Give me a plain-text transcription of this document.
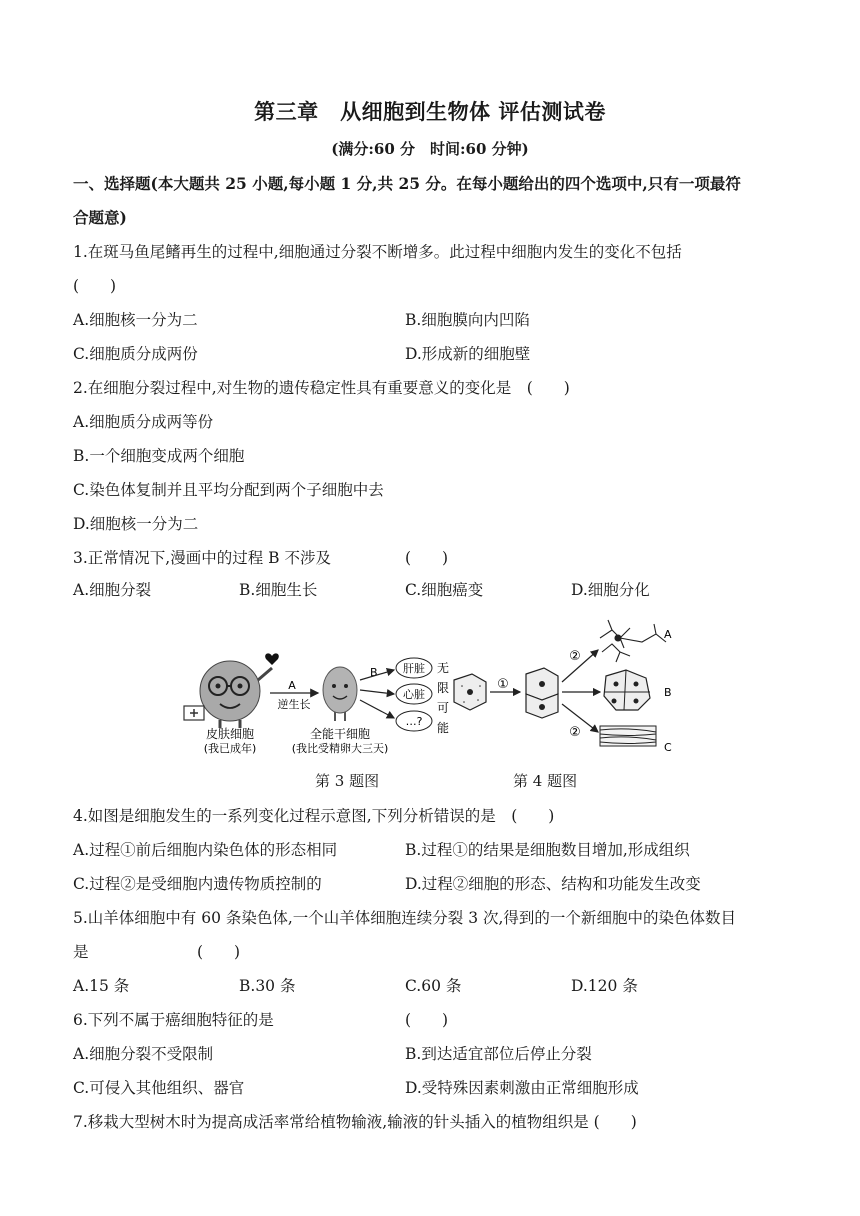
第三章　从细胞到生物体 评估测试卷
(满分:60 分　时间:60 分钟)
一、选择题(本大题共 25 小题,每小题 1 分,共 25 分。在每小题给出的四个选项中,只有一项最符
合题意)
1.在斑马鱼尾鳍再生的过程中,细胞通过分裂不断增多。此过程中细胞内发生的变化不包括
(　　)
A.细胞核一分为二	B.细胞膜向内凹陷
C.细胞质分成两份	D.形成新的细胞壁
2.在细胞分裂过程中,对生物的遗传稳定性具有重要意义的变化是　(　　)
A.细胞质分成两等份
B.一个细胞变成两个细胞
C.染色体复制并且平均分配到两个子细胞中去
D.细胞核一分为二
3.正常情况下,漫画中的过程 B 不涉及	(　　)
A.细胞分裂	B.细胞生长	C.细胞癌变	D.细胞分化
皮肤细胞
(我已成年)
A
逆生长
全能干细胞
(我比受精卵大三天)
B 肝脏
心脏
…?
无
限
可
能
①
②
②
A
B
C
第 3 题图	第 4 题图
4.如图是细胞发生的一系列变化过程示意图,下列分析错误的是　(　　)
A.过程①前后细胞内染色体的形态相同	B.过程①的结果是细胞数目增加,形成组织
C.过程②是受细胞内遗传物质控制的	D.过程②细胞的形态、结构和功能发生改变
5.山羊体细胞中有 60 条染色体,一个山羊体细胞连续分裂 3 次,得到的一个新细胞中的染色体数目
是　　　　　　　(　　)
A.15 条	B.30 条	C.60 条	D.120 条
6.下列不属于癌细胞特征的是	(　　)
A.细胞分裂不受限制	B.到达适宜部位后停止分裂
C.可侵入其他组织、器官	D.受特殊因素刺激由正常细胞形成
7.移栽大型树木时为提高成活率常给植物输液,输液的针头插入的植物组织是 (　　)
